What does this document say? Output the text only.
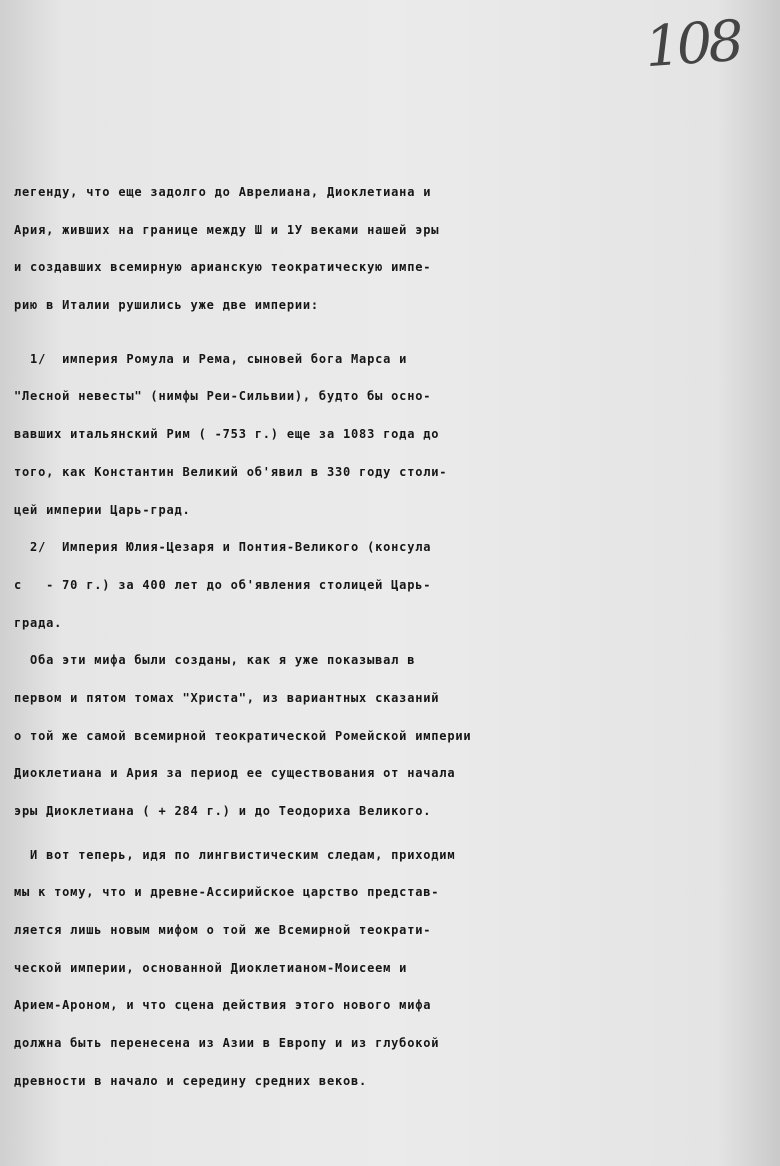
108
легенду, что еще задолго до Аврелиана, Диоклетиана и
Ария, живших на границе между Ш и 1У веками нашей эры
и создавших всемирную арианскую теократическую импе-
рию в Италии рушились уже две империи:
1/  империя Ромула и Рема, сыновей бога Марса и
"Лесной невесты" (нимфы Реи-Сильвии), будто бы осно-
вавших итальянский Рим ( -753 г.) еще за 1083 года до
того, как Константин Великий об'явил в 330 году столи-
цей империи Царь-град.
2/  Империя Юлия-Цезаря и Понтия-Великого (консула
с   - 70 г.) за 400 лет до об'явления столицей Царь-
града.
Оба эти мифа были созданы, как я уже показывал в
первом и пятом томах "Христа", из вариантных сказаний
о той же самой всемирной теократической Ромейской империи
Диоклетиана и Ария за период ее существования от начала
эры Диоклетиана ( + 284 г.) и до Теодориха Великого.
И вот теперь, идя по лингвистическим следам, приходим
мы к тому, что и древне-Ассирийское царство представ-
ляется лишь новым мифом о той же Всемирной теократи-
ческой империи, основанной Диоклетианом-Моисеем и
Арием-Ароном, и что сцена действия этого нового мифа
должна быть перенесена из Азии в Европу и из глубокой
древности в начало и середину средних веков.
